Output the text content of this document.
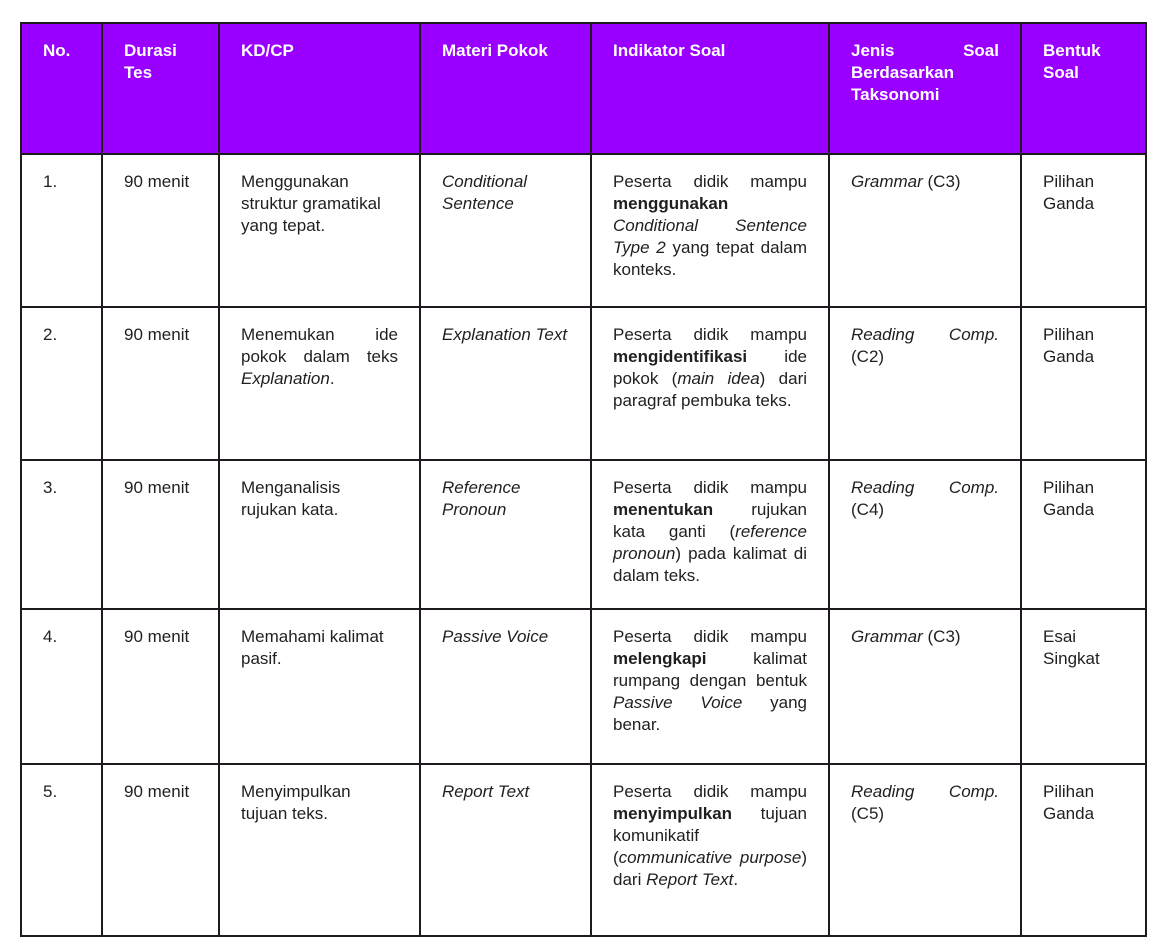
No.	Durasi Tes	KD/CP	Materi Pokok	Indikator Soal	Jenis Soal Berdasarkan Taksonomi	Bentuk Soal
1.	90 menit	Menggunakan struktur gramatikal yang tepat.	Conditional Sentence	Peserta didik mampu menggunakan Conditional Sentence Type 2 yang tepat dalam konteks.	Grammar (C3)	Pilihan Ganda
2.	90 menit	Menemukan ide pokok dalam teks Explanation.	Explanation Text	Peserta didik mampu mengidentifikasi ide pokok (main idea) dari paragraf pembuka teks.	Reading Comp. (C2)	Pilihan Ganda
3.	90 menit	Menganalisis rujukan kata.	Reference Pronoun	Peserta didik mampu menentukan rujukan kata ganti (reference pronoun) pada kalimat di dalam teks.	Reading Comp. (C4)	Pilihan Ganda
4.	90 menit	Memahami kalimat pasif.	Passive Voice	Peserta didik mampu melengkapi kalimat rumpang dengan bentuk Passive Voice yang benar.	Grammar (C3)	Esai Singkat
5.	90 menit	Menyimpulkan tujuan teks.	Report Text	Peserta didik mampu menyimpulkan tujuan komunikatif (communicative purpose) dari Report Text.	Reading Comp. (C5)	Pilihan Ganda
